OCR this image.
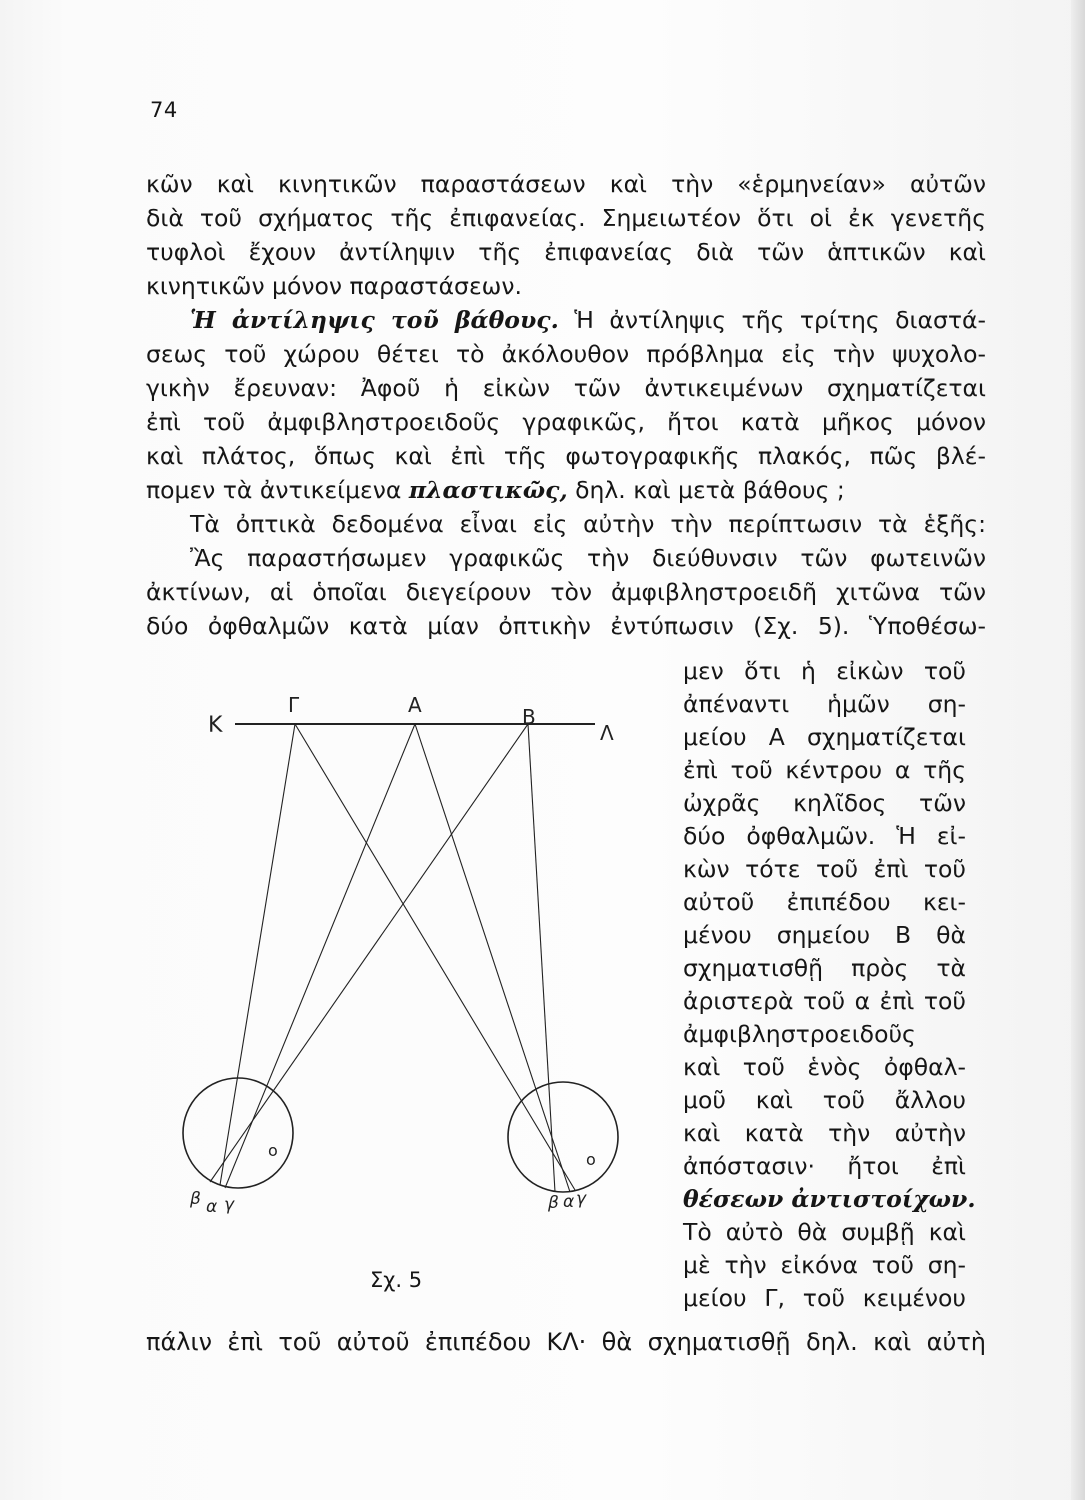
74
κῶν καὶ κινητικῶν παραστάσεων καὶ τὴν «ἑρμηνείαν» αὐτῶν
διὰ τοῦ σχήματος τῆς ἐπιφανείας. Σημειωτέον ὅτι οἱ ἐκ γενετῆς
τυφλοὶ ἔχουν ἀντίληψιν τῆς ἐπιφανείας διὰ τῶν ἁπτικῶν καὶ
κινητικῶν μόνον παραστάσεων.
Ἡ ἀντίληψις τοῦ βάθους. Ἡ ἀντίληψις τῆς τρίτης διαστά-
σεως τοῦ χώρου θέτει τὸ ἀκόλουθον πρόβλημα εἰς τὴν ψυχολο-
γικὴν ἔρευναν: Ἀφοῦ ἡ εἰκὼν τῶν ἀντικειμένων σχηματίζεται
ἐπὶ τοῦ ἀμφιβληστροειδοῦς γραφικῶς, ἤτοι κατὰ μῆκος μόνον
καὶ πλάτος, ὅπως καὶ ἐπὶ τῆς φωτογραφικῆς πλακός, πῶς βλέ-
πομεν τὰ ἀντικείμενα πλαστικῶς, δηλ. καὶ μετὰ βάθους ;
Τὰ ὀπτικὰ δεδομένα εἶναι εἰς αὐτὴν τὴν περίπτωσιν τὰ ἑξῆς:
Ἂς παραστήσωμεν γραφικῶς τὴν διεύθυνσιν τῶν φωτεινῶν
ἀκτίνων, αἱ ὁποῖαι διεγείρουν τὸν ἀμφιβληστροειδῆ χιτῶνα τῶν
δύο ὀφθαλμῶν κατὰ μίαν ὀπτικὴν ἐντύπωσιν (Σχ. 5). Ὑποθέσω-
μεν ὅτι ἡ εἰκὼν τοῦ
ἀπέναντι ἡμῶν ση-
μείου Α σχηματίζεται
ἐπὶ τοῦ κέντρου α τῆς
ὠχρᾶς κηλῖδος τῶν
δύο ὀφθαλμῶν. Ἡ εἰ-
κὼν τότε τοῦ ἐπὶ τοῦ
αὐτοῦ ἐπιπέδου κει-
μένου σημείου Β θὰ
σχηματισθῇ πρὸς τὰ
ἀριστερὰ τοῦ α ἐπὶ τοῦ
ἀμφιβληστροειδοῦς
καὶ τοῦ ἑνὸς ὀφθαλ-
μοῦ καὶ τοῦ ἄλλου
καὶ κατὰ τὴν αὐτὴν
ἀπόστασιν· ἤτοι ἐπὶ
θέσεων ἀντιστοίχων.
Τὸ αὐτὸ θὰ συμβῇ καὶ
μὲ τὴν εἰκόνα τοῦ ση-
μείου Γ, τοῦ κειμένου
πάλιν ἐπὶ τοῦ αὐτοῦ ἐπιπέδου ΚΛ· θὰ σχηματισθῇ δηλ. καὶ αὐτὴ
Κ
Γ	Α	Β
Λ
ο
β α γ
ο
β α γ
Σχ. 5
